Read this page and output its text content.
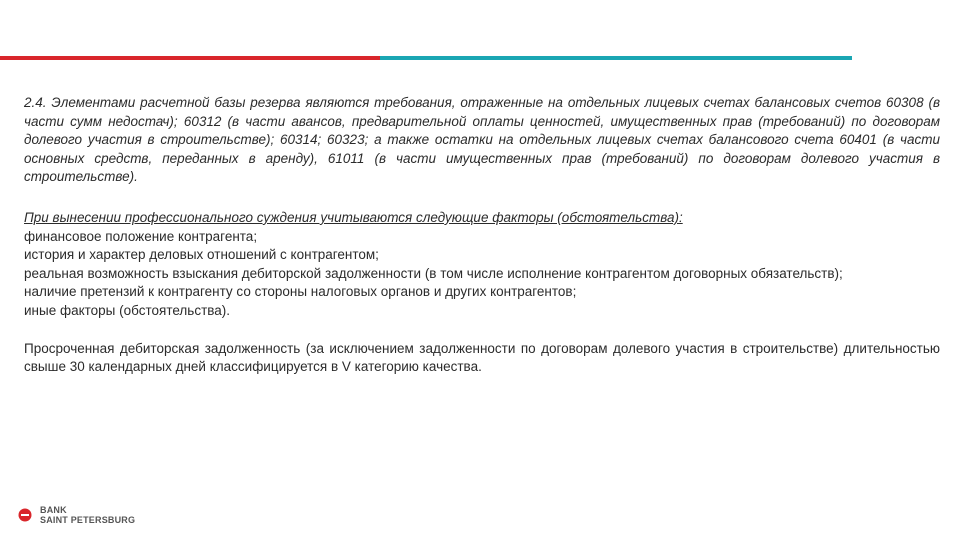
2.4. Элементами расчетной базы резерва являются требования, отраженные на отдельных лицевых счетах балансовых счетов 60308 (в части сумм недостач); 60312 (в части авансов, предварительной оплаты ценностей, имущественных прав (требований) по договорам долевого участия в строительстве); 60314; 60323; а также остатки на отдельных лицевых счетах балансового счета 60401 (в части основных средств, переданных в аренду), 61011 (в части имущественных прав (требований) по договорам долевого участия в строительстве).

При вынесении профессионального суждения учитываются следующие факторы (обстоятельства):

финансовое положение контрагента;

история и характер деловых отношений с контрагентом;

реальная возможность взыскания дебиторской задолженности (в том числе исполнение контрагентом договорных обязательств);

наличие претензий к контрагенту со стороны налоговых органов и других контрагентов;

иные факторы (обстоятельства).

Просроченная дебиторская задолженность (за исключением задолженности по договорам долевого участия в строительстве) длительностью свыше 30 календарных дней классифицируется в V категорию качества.

BANK
SAINT PETERSBURG
